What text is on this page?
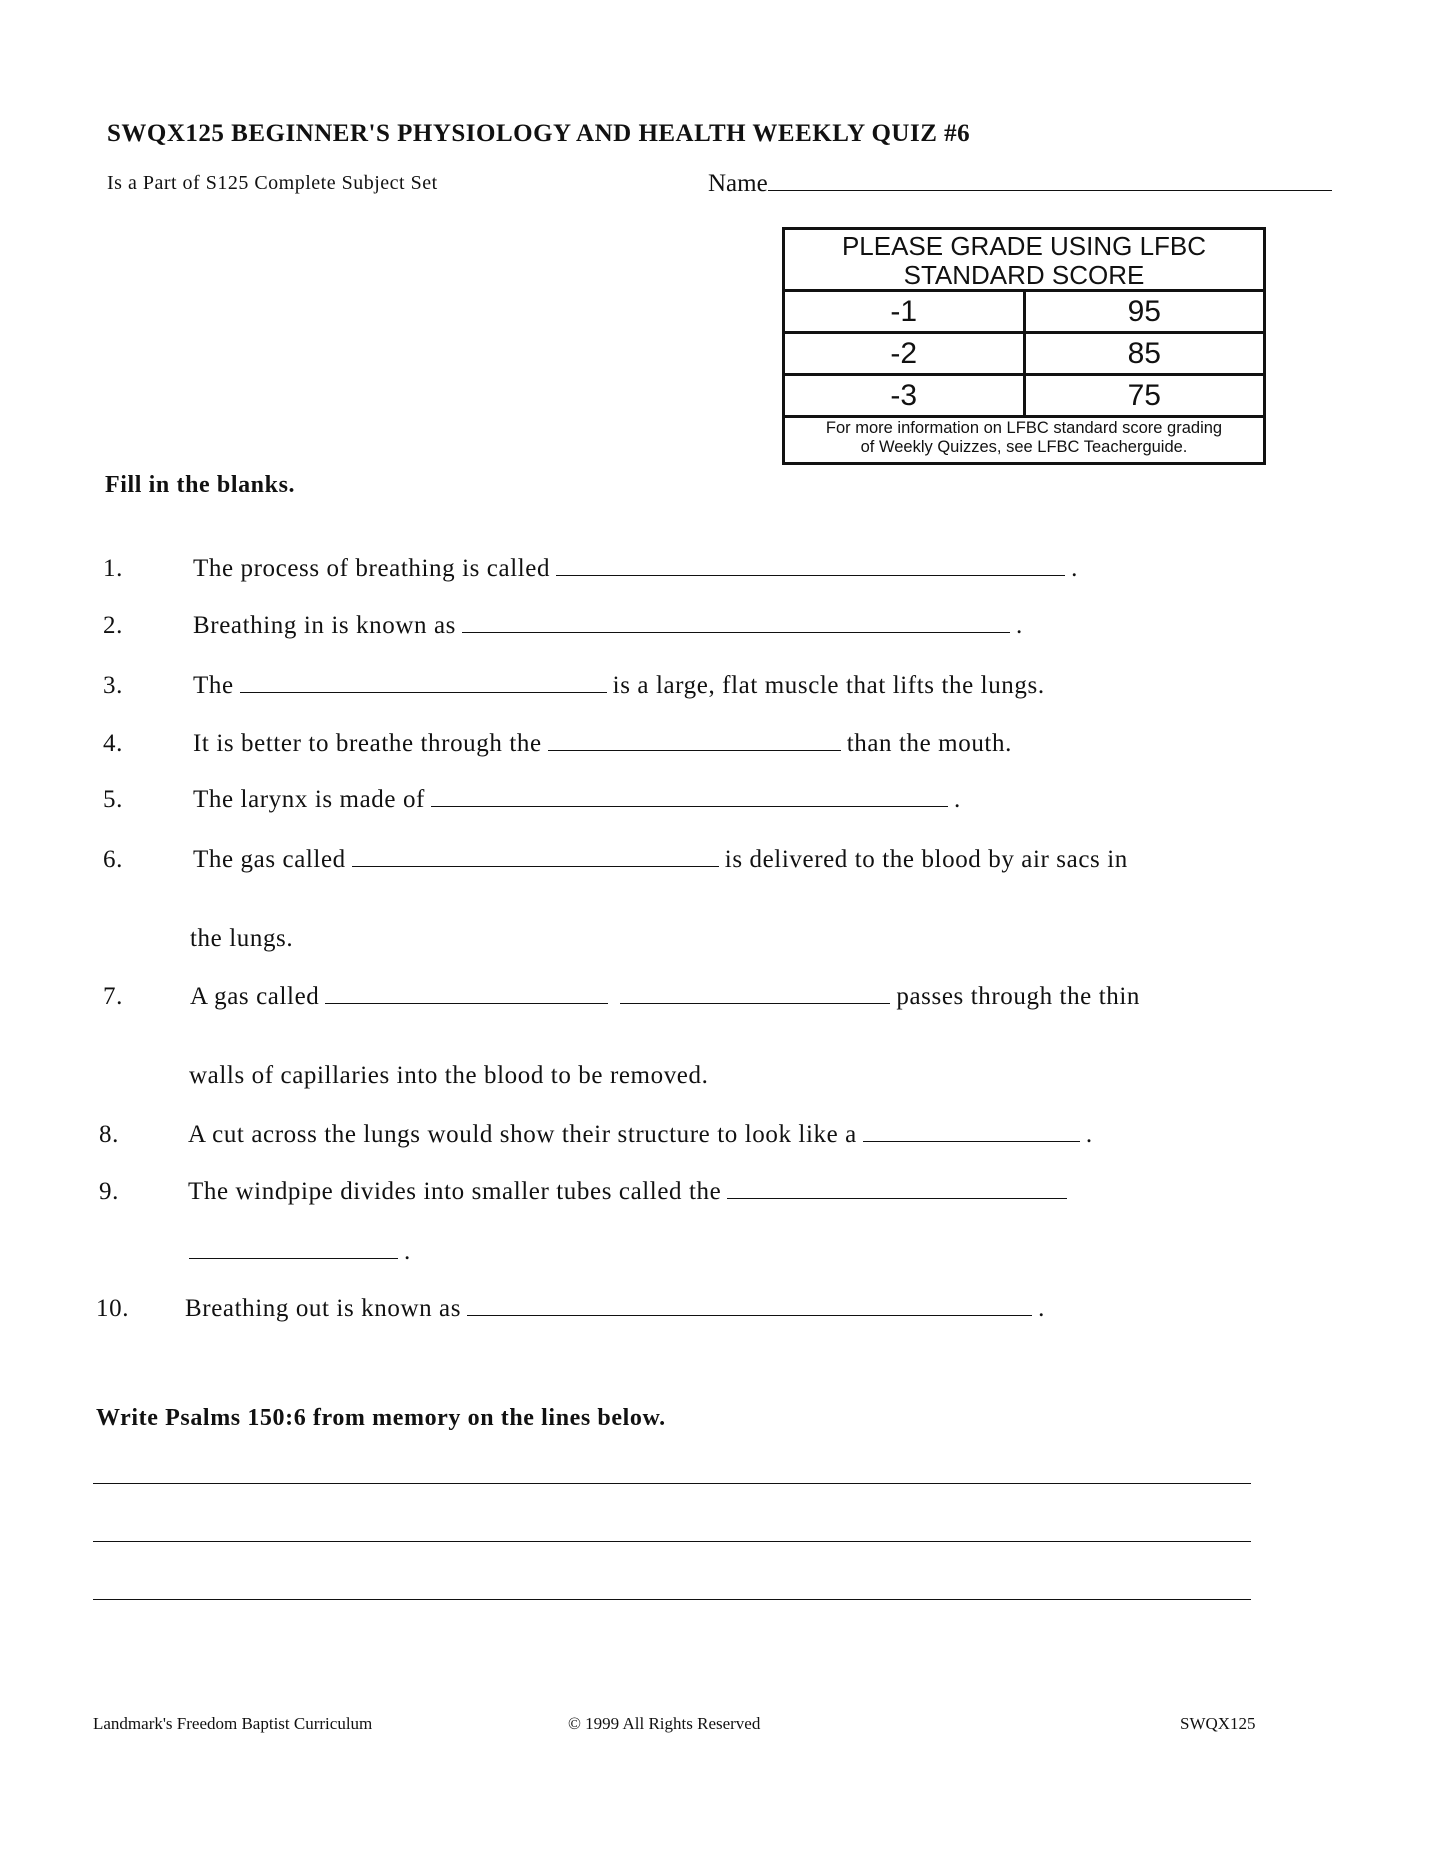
SWQX125 BEGINNER'S PHYSIOLOGY AND HEALTH WEEKLY QUIZ #6
Is a Part of S125 Complete Subject Set	Name
PLEASE GRADE USING LFBC
STANDARD SCORE
-1	95
-2	85
-3	75
For more information on LFBC standard score grading
of Weekly Quizzes, see LFBC Teacherguide.
Fill in the blanks.
1.	The process of breathing is called	.
2.	Breathing in is known as	.
3.	The	is a large, flat muscle that lifts the lungs.
4.	It is better to breathe through the	than the mouth.
5.	The larynx is made of	.
6.	The gas called	is delivered to the blood by air sacs in
the lungs.
7.	A gas called	passes through the thin
walls of capillaries into the blood to be removed.
8.	A cut across the lungs would show their structure to look like a	.
9.	The windpipe divides into smaller tubes called the
.
10. Breathing out is known as	.
Write Psalms 150:6 from memory on the lines below.
Landmark's Freedom Baptist Curriculum	© 1999 All Rights Reserved	SWQX125
